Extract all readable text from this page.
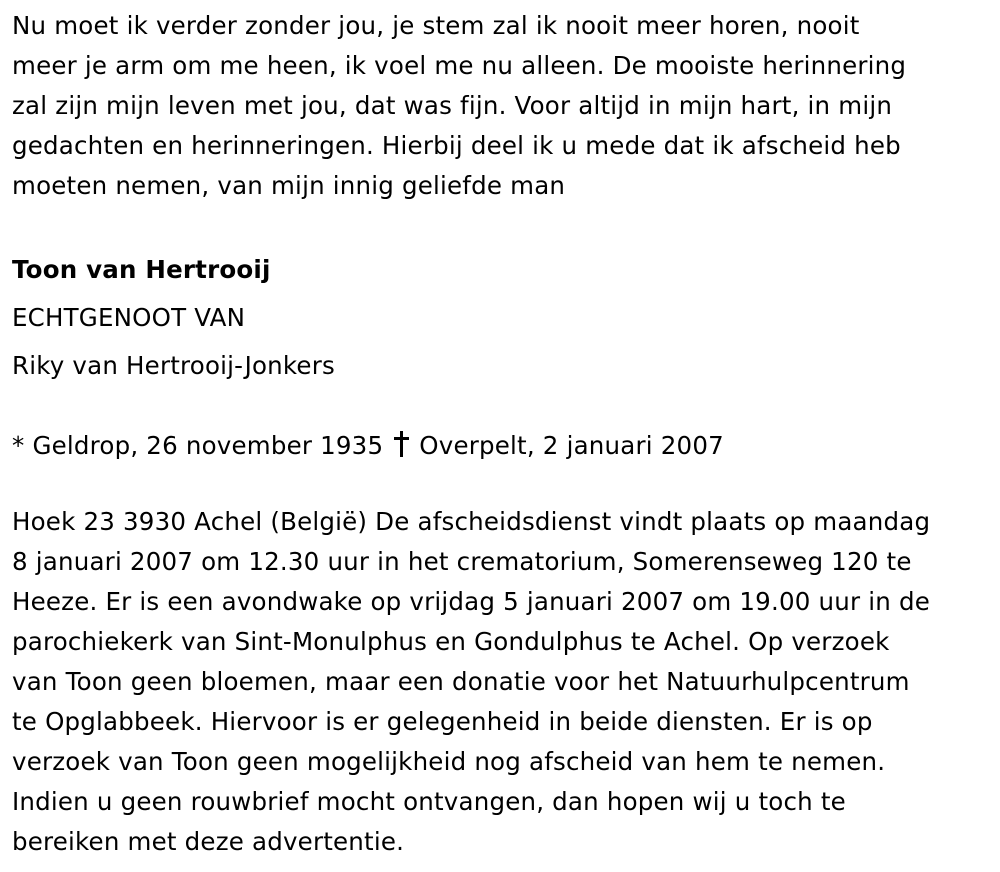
Nu moet ik verder zonder jou, je stem zal ik nooit meer horen, nooit

meer je arm om me heen, ik voel me nu alleen. De mooiste herinnering

zal zijn mijn leven met jou, dat was fijn. Voor altijd in mijn hart, in mijn

gedachten en herinneringen. Hierbij deel ik u mede dat ik afscheid heb

moeten nemen, van mijn innig geliefde man

Toon van Hertrooij

ECHTGENOOT VAN

Riky van Hertrooij-Jonkers

* Geldrop, 26 november 1935 Overpelt, 2 januari 2007

Hoek 23 3930 Achel (België) De afscheidsdienst vindt plaats op maandag

8 januari 2007 om 12.30 uur in het crematorium, Somerenseweg 120 te

Heeze. Er is een avondwake op vrijdag 5 januari 2007 om 19.00 uur in de

parochiekerk van Sint-Monulphus en Gondulphus te Achel. Op verzoek

van Toon geen bloemen, maar een donatie voor het Natuurhulpcentrum

te Opglabbeek. Hiervoor is er gelegenheid in beide diensten. Er is op

verzoek van Toon geen mogelijkheid nog afscheid van hem te nemen.

Indien u geen rouwbrief mocht ontvangen, dan hopen wij u toch te

bereiken met deze advertentie.
